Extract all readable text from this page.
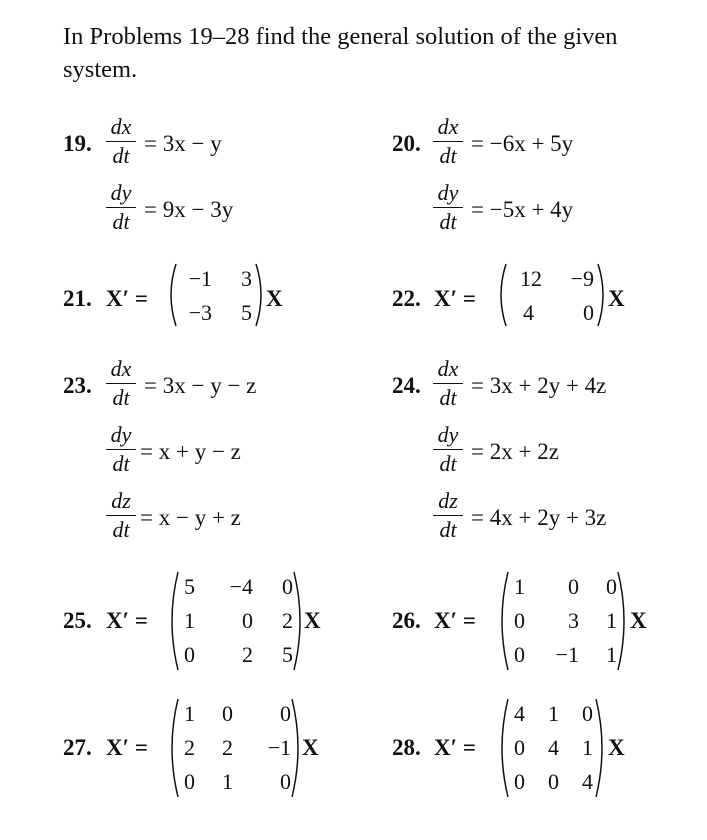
In Problems 19–28 find the general solution of the given system.
19.
dx
dt = 3x − y
dy
dt = 9x − 3y
20.
dx
dt = −6x + 5y
dy
dt = −5x + 4y
21. X′ =
−1	3
−3	5
X	22. X′ =
12	−9
4	0
X
23.
dx
dt = 3x − y − z
dy
dt = x + y − z
dz
dt = x − y + z
24.
dx
dt = 3x + 2y + 4z
dy
dt = 2x + 2z
dz
dt = 4x + 2y + 3z
25. X′ =
5	−4	0
1	0	2
0	2	5
X	26. X′ =
1	0	0
0	3	1
0	−1	1
X
27. X′ =
1	0	0
2	2	−1
0	1	0
X	28. X′ =
4	1	0
0	4	1
0	0	4
X
